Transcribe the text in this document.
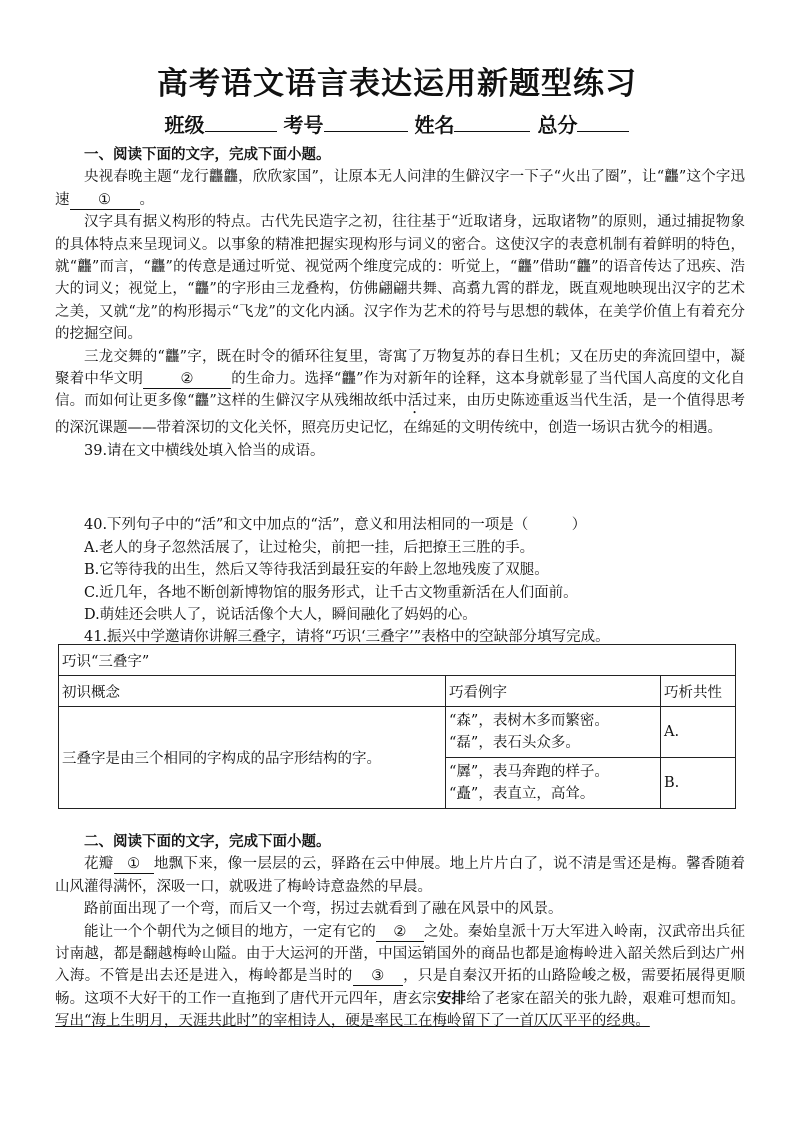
高考语文语言表达运用新题型练习
班级	考号	姓名	总分

一、阅读下面的文字，完成下面小题。

央视春晚主题“龙行龘龘，欣欣家国”，让原本无人问津的生僻汉字一下子“火出了圈”，让“龘”这个字迅速 ① 。

汉字具有据义构形的特点。古代先民造字之初，往往基于“近取诸身，远取诸物”的原则，通过捕捉物象的具体特点来呈现词义。以事象的精准把握实现构形与词义的密合。这使汉字的表意机制有着鲜明的特色，就“龘”而言，“龘”的传意是通过听觉、视觉两个维度完成的：听觉上，“龘”借助“龘”的语音传达了迅疾、浩大的词义；视觉上，“龘”的字形由三龙叠构，仿佛翩翩共舞、高翥九霄的群龙，既直观地映现出汉字的艺术之美，又就“龙”的构形揭示“飞龙”的文化内涵。汉字作为艺术的符号与思想的载体，在美学价值上有着充分的挖掘空间。

三龙交舞的“龘”字，既在时令的循环往复里，寄寓了万物复苏的春日生机；又在历史的奔流回望中，凝聚着中华文明	②	的生命力。选择“龘”作为对新年的诠释，这本身就彰显了当代国人高度的文化自信。而如何让更多像“龘”这样的生僻汉字从残缃故纸中活过来，由历史陈迹重返当代生活，是一个值得思考的深沉课题——带着深切的文化关怀，照亮历史记忆，在绵延的文明传统中，创造一场识古犹今的相遇。

39.请在文中横线处填入恰当的成语。

40.下列句子中的“活”和文中加点的“活”，意义和用法相同的一项是（　　　）

A.老人的身子忽然活展了，让过枪尖，前把一挂，后把撩王三胜的手。

B.它等待我的出生，然后又等待我活到最狂妄的年龄上忽地残废了双腿。

C.近几年，各地不断创新博物馆的服务形式，让千古文物重新活在人们面前。

D.萌娃还会哄人了，说话活像个大人，瞬间融化了妈妈的心。

41.振兴中学邀请你讲解三叠字，请将“巧识‘三叠字’”表格中的空缺部分填写完成。

巧识“三叠字”		
初识概念	巧看例字	巧析共性
三叠字是由三个相同的字构成的品字形结构的字。	“森”，表树木多而繁密。
“磊”，表石头众多。	A.

	“羼”，表马奔跑的样子。
“矗”，表直立，高耸。	B.

二、阅读下面的文字，完成下面小题。

花瓣 ① 地飘下来，像一层层的云，驿路在云中伸展。地上片片白了，说不清是雪还是梅。馨香随着山风灌得满怀，深吸一口，就吸进了梅岭诗意盎然的早晨。

路前面出现了一个弯，而后又一个弯，拐过去就看到了融在风景中的风景。

能让一个个朝代为之倾目的地方，一定有它的 ② 之处。秦始皇派十万大军进入岭南，汉武帝出兵征讨南越，都是翻越梅岭山隘。由于大运河的开凿，中国运销国外的商品也都是逾梅岭进入韶关然后到达广州入海。不管是出去还是进入，梅岭都是当时的 ③ ，只是自秦汉开拓的山路险峻之极，需要拓展得更顺畅。这项不大好干的工作一直拖到了唐代开元四年，唐玄宗安排给了老家在韶关的张九龄，艰难可想而知。写出“海上生明月，天涯共此时”的宰相诗人，硬是率民工在梅岭留下了一首仄仄平平的经典。
